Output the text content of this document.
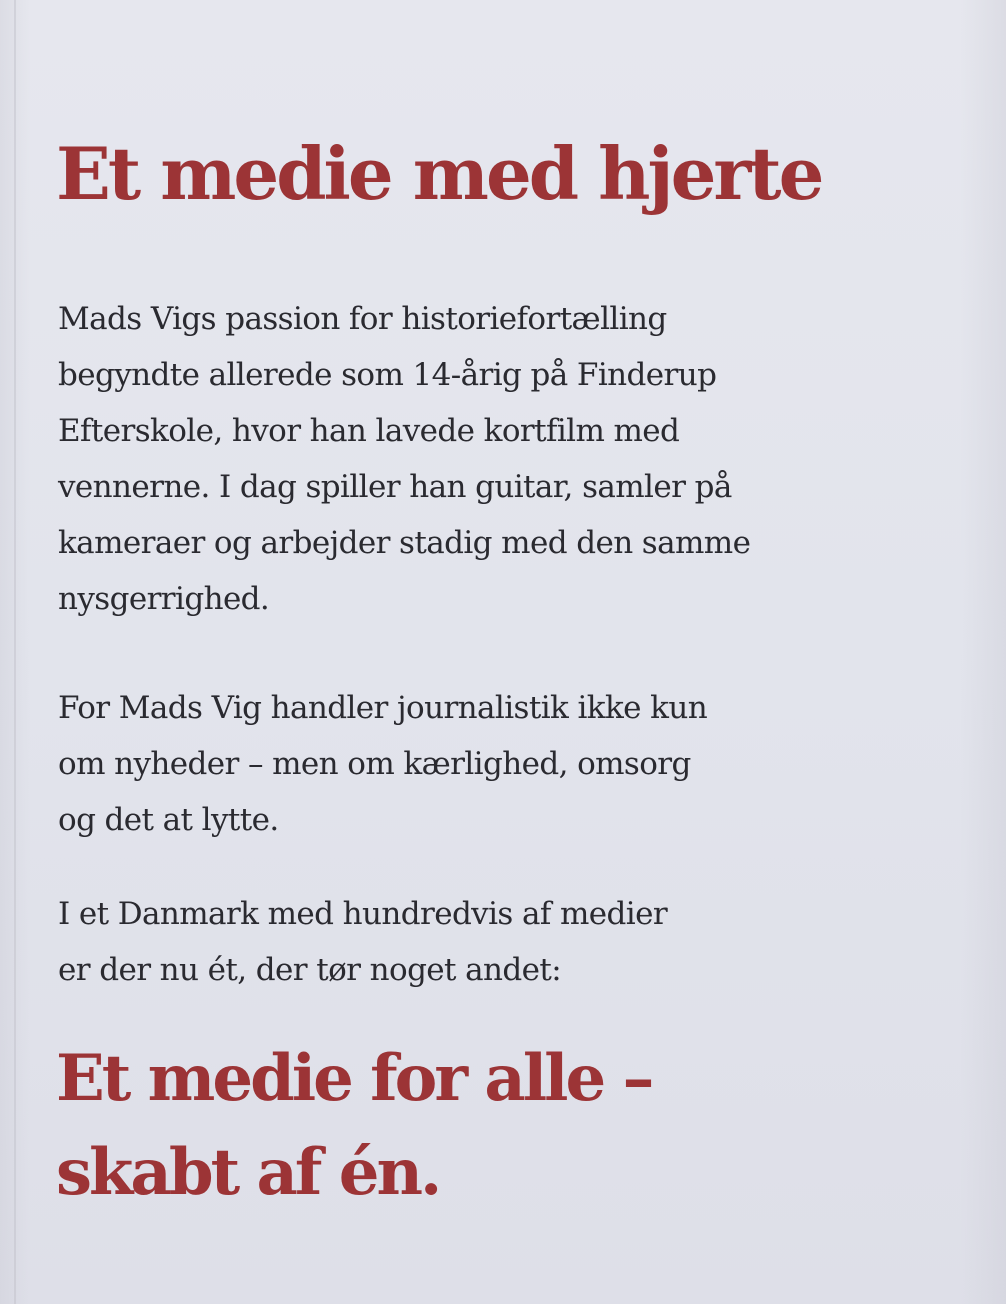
Et medie med hjerte
Mads Vigs passion for historiefortælling
begyndte allerede som 14-årig på Finderup
Efterskole, hvor han lavede kortfilm med
vennerne. I dag spiller han guitar, samler på
kameraer og arbejder stadig med den samme
nysgerrighed.
For Mads Vig handler journalistik ikke kun
om nyheder – men om kærlighed, omsorg
og det at lytte.
I et Danmark med hundredvis af medier
er der nu ét, der tør noget andet:
Et medie for alle –
skabt af én.
